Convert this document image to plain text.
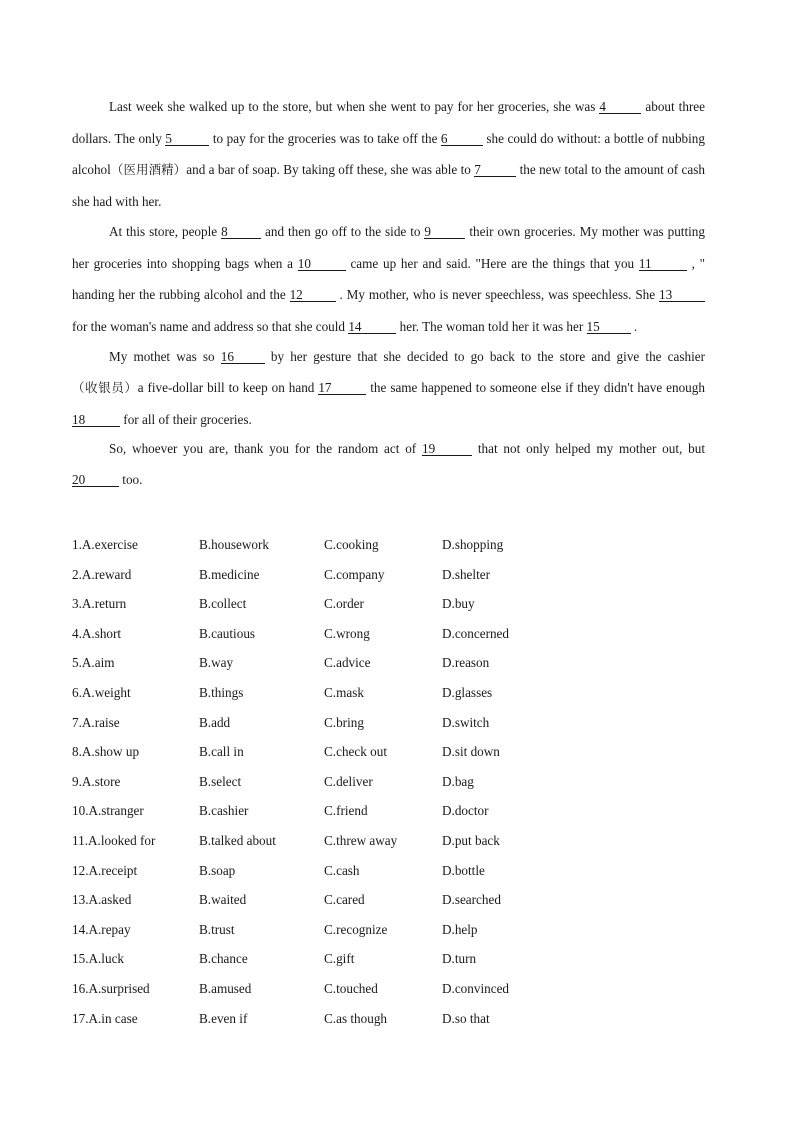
Last week she walked up to the store, but when she went to pay for her groceries, she was 4	about three dollars. The only 5	to pay for the groceries was to take off the 6	she could do without: a bottle of nubbing alcohol（医用酒精）and a bar of soap. By taking off these, she was able to 7	the new total to the amount of cash she had with her.

At this store, people 8	and then go off to the side to 9	their own groceries. My mother was putting her groceries into shopping bags when a 10	came up her and said. "Here are the things that you 11	, " handing her the rubbing alcohol and the 12 . My mother, who is never speechless, was speechless. She 13 for the woman's name and address so that she could 14	her. The woman told her it was her 15 .

My mothet was so 16 by her gesture that she decided to go back to the store and give the cashier（收银员）a five-dollar bill to keep on hand 17	the same happened to someone else if they didn't have enough 18	for all of their groceries.

So, whoever you are, thank you for the random act of 19	that not only helped my mother out, but 20	too.

1.A.exercise	B.housework	C.cooking	D.shopping
2.A.reward	B.medicine	C.company	D.shelter
3.A.return	B.collect	C.order	D.buy
4.A.short	B.cautious	C.wrong	D.concerned
5.A.aim	B.way	C.advice	D.reason
6.A.weight	B.things	C.mask	D.glasses
7.A.raise	B.add	C.bring	D.switch
8.A.show up	B.call in	C.check out	D.sit down
9.A.store	B.select	C.deliver	D.bag
10.A.stranger	B.cashier	C.friend	D.doctor
11.A.looked for	B.talked about	C.threw away	D.put back
12.A.receipt	B.soap	C.cash	D.bottle
13.A.asked	B.waited	C.cared	D.searched
14.A.repay	B.trust	C.recognize	D.help
15.A.luck	B.chance	C.gift	D.turn
16.A.surprised	B.amused	C.touched	D.convinced
17.A.in case	B.even if	C.as though	D.so that
